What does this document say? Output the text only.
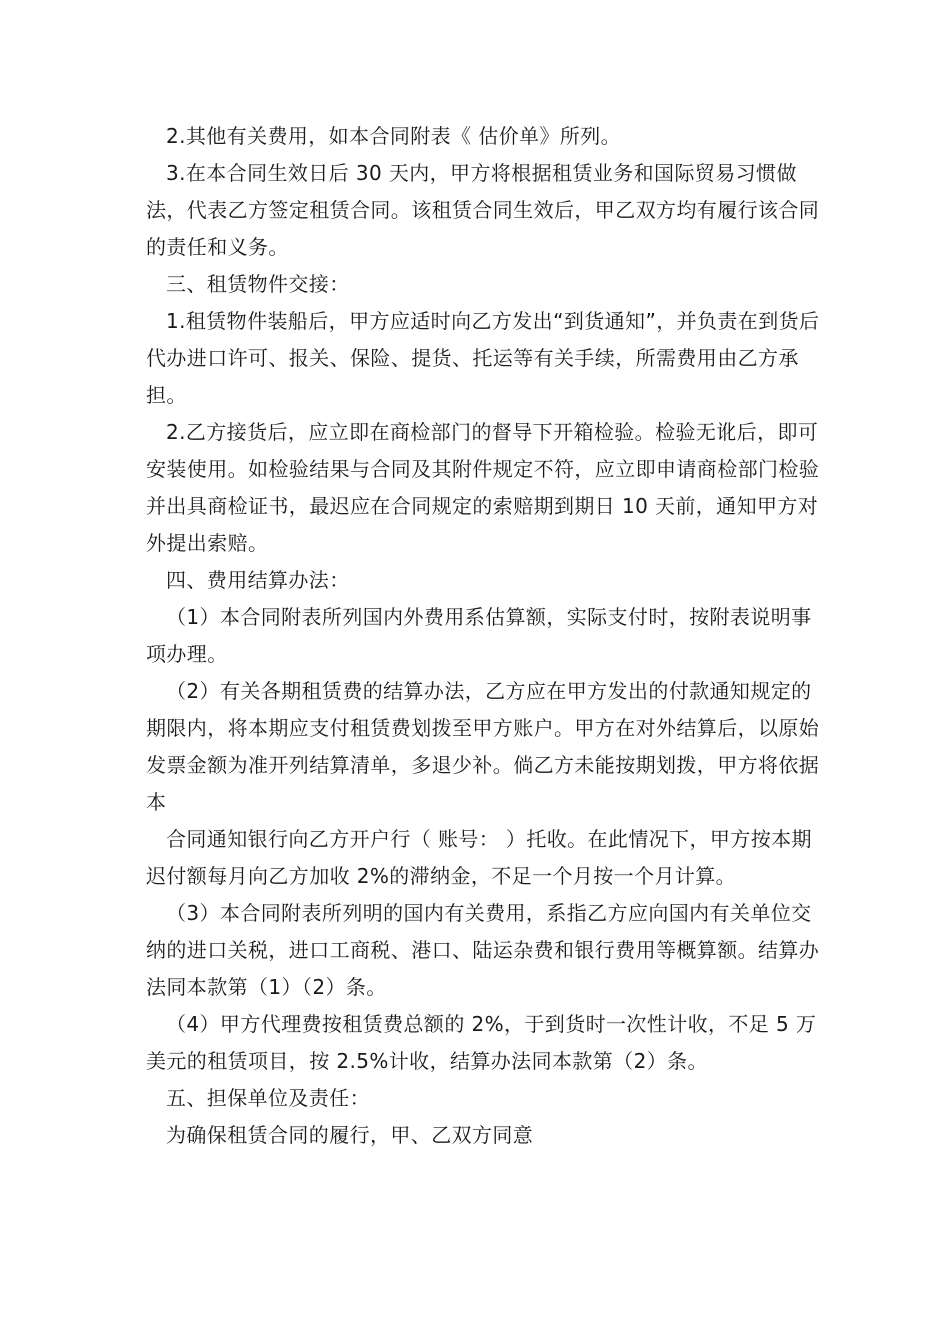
2.其他有关费用，如本合同附表《 估价单》所列。

3.在本合同生效日后 30 天内，甲方将根据租赁业务和国际贸易习惯做法，代表乙方签定租赁合同。该租赁合同生效后，甲乙双方均有履行该合同的责任和义务。

三、租赁物件交接：

1.租赁物件装船后，甲方应适时向乙方发出“到货通知”，并负责在到货后代办进口许可、报关、保险、提货、托运等有关手续，所需费用由乙方承担。

2.乙方接货后，应立即在商检部门的督导下开箱检验。检验无讹后，即可安装使用。如检验结果与合同及其附件规定不符，应立即申请商检部门检验并出具商检证书，最迟应在合同规定的索赔期到期日 10 天前，通知甲方对外提出索赔。

四、费用结算办法：

（1）本合同附表所列国内外费用系估算额，实际支付时，按附表说明事项办理。

（2）有关各期租赁费的结算办法，乙方应在甲方发出的付款通知规定的期限内，将本期应支付租赁费划拨至甲方账户。甲方在对外结算后，以原始发票金额为准开列结算清单，多退少补。倘乙方未能按期划拨，甲方将依据本

合同通知银行向乙方开户行（ 账号： ）托收。在此情况下，甲方按本期迟付额每月向乙方加收 2%的滞纳金，不足一个月按一个月计算。

（3）本合同附表所列明的国内有关费用，系指乙方应向国内有关单位交纳的进口关税，进口工商税、港口、陆运杂费和银行费用等概算额。结算办法同本款第（1）（2）条。

（4）甲方代理费按租赁费总额的 2%，于到货时一次性计收，不足 5 万美元的租赁项目，按 2.5%计收，结算办法同本款第（2）条。

五、担保单位及责任：

为确保租赁合同的履行，甲、乙双方同意
